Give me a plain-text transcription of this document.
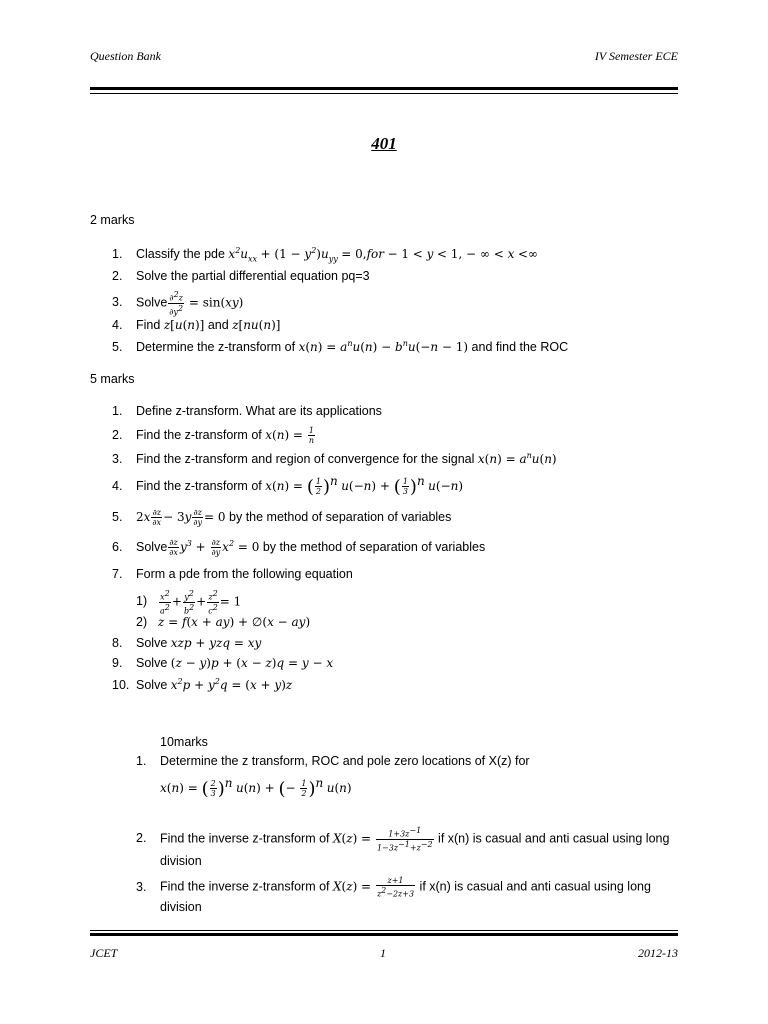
Question Bank	IV Semester ECE
401
2 marks
1. Classify the pde $x^2u_{xx} + (1 - y^2)u_{yy} = 0,for - 1 < y < 1$, − ∞ < x <∞
2. Solve the partial differential equation pq=3
3. Solve $\frac{\partial^2z}{\partial y^2} = \sin(xy)$
4. Find z[u(n)] and z[nu(n)]
5. Determine the z-transform of $x(n) = a^nu(n) - b^nu(-n - 1)$ and find the ROC
5 marks
1. Define z-transform. What are its applications
2. Find the z-transform of $x(n) = \frac{1}{n}$
3. Find the z-transform and region of convergence for the signal $x(n) = a^nu(n)$
4. Find the z-transform of x(n) = ( $\frac{1}{2} )^n$ u(−n) + ( $\frac{1}{3} )^n$ u(−n)
5. $2x \frac{\partial z}{\partial x} - 3y \frac{\partial z}{\partial y} = 0$ by the method of separation of variables
6. Solve $\frac{\partial z}{\partial x} y^3 + \frac{\partial z}{\partial y} x^2 = 0$ by the method of separation of variables
7. Form a pde from the following equation
$1) \frac{x^2}{a^2} + \frac{y^2}{b^2} + \frac{z^2}{c^2} = 1$
2) z = f(x + ay) + ∅(x − ay)
8. Solve xzp + yzq = xy
9. Solve (z − y)p + (x − z)q = y − x
10. Solve $x^2p + y^2q = (x + y)z$
10marks
1. Determine the z transform, ROC and pole zero locations of X(z) for
x(n) = ( $\frac{2}{3} )^n$ u(n) + (− $\frac{1}{2} )^n$ u(n)
2. Find the inverse z-transform of $X(z) = \frac{1+3z^{-1}}{1-3z^{-1}+z^{-2}}$ if x(n) is casual and anti casual using long
division
3. Find the inverse z-transform of $X(z) = \frac{z+1}{z^2-2z+3}$ if x(n) is casual and anti casual using long
division
JCET	1	2012-13
